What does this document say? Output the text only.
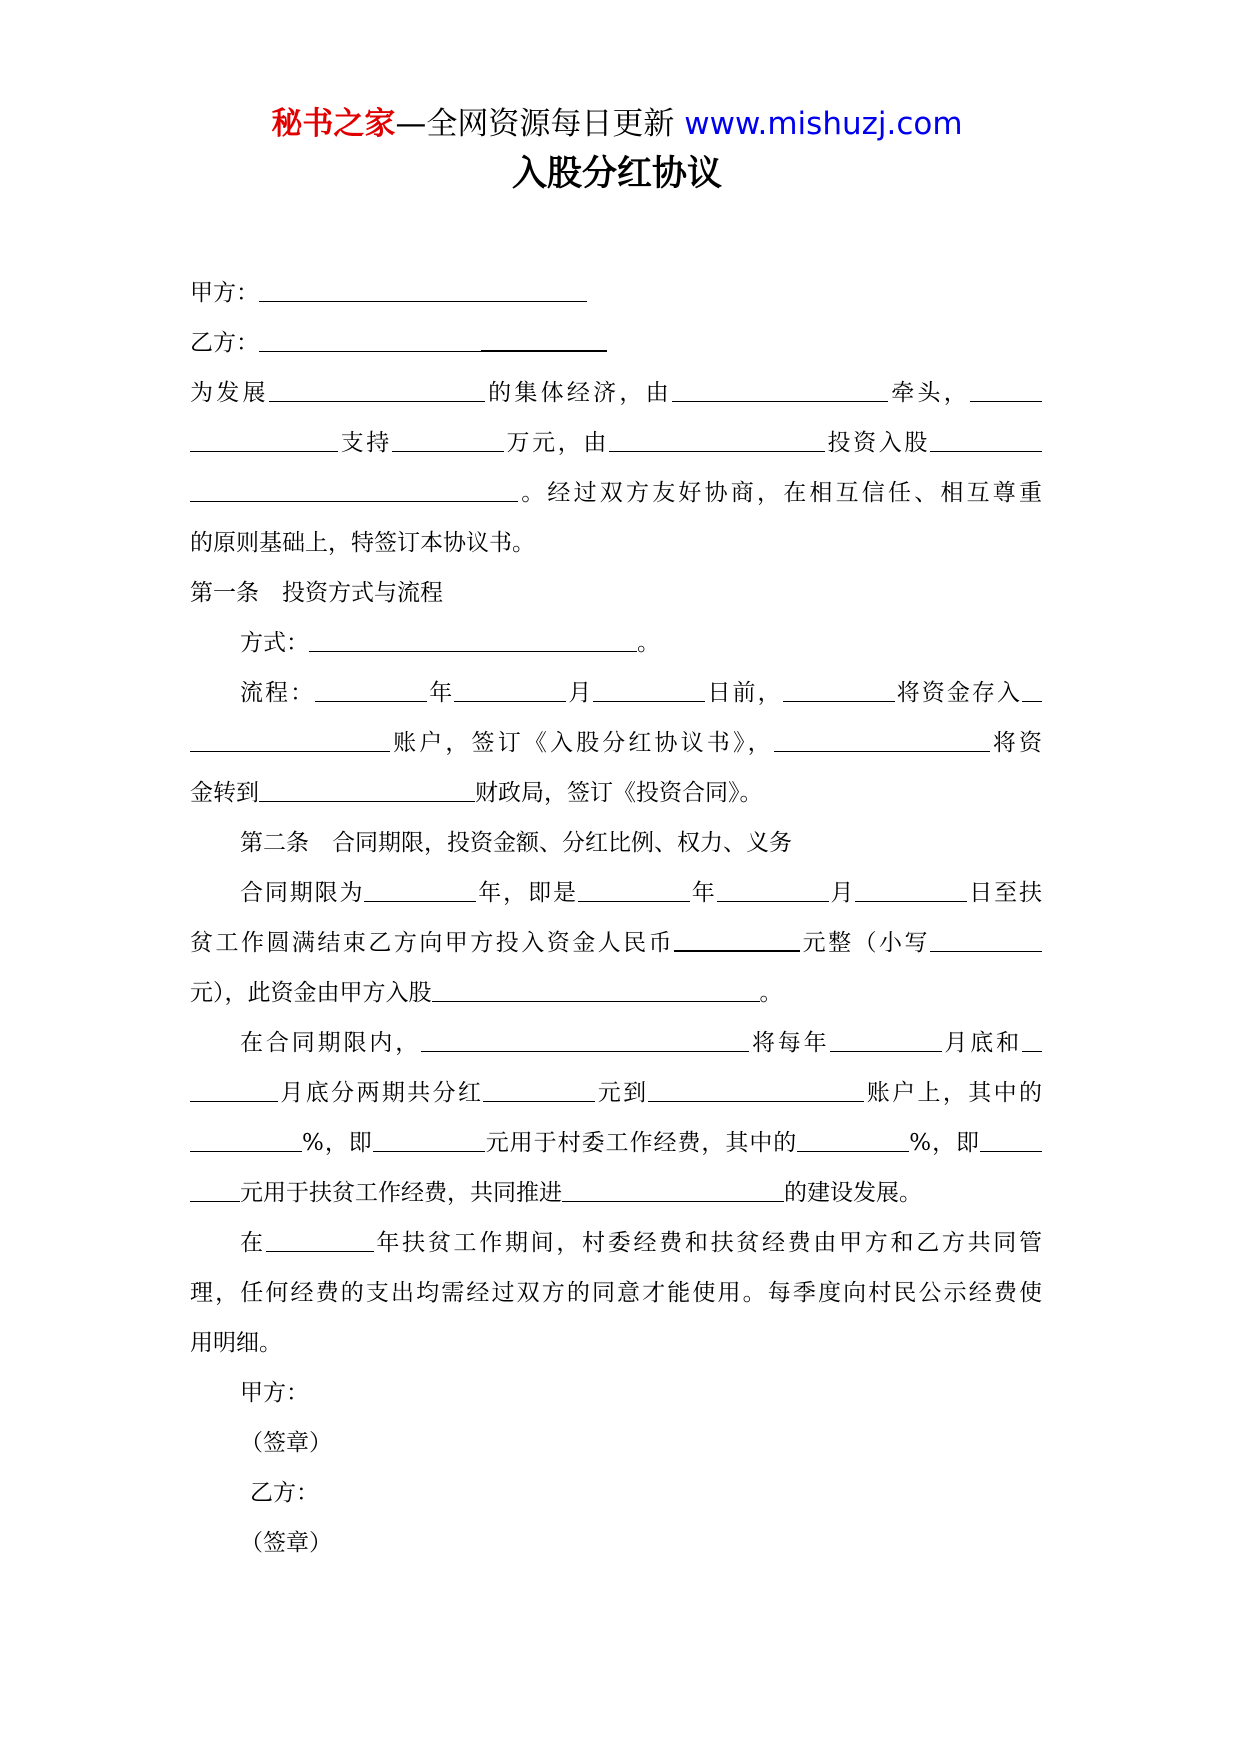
秘书之家—全网资源每日更新 www.mishuzj.com
入股分红协议
甲方：
乙方：
为发展	的集体经济，由	牵头，
支持	万元，由	投资入股
。经过双方友好协商，在相互信任、相互尊重
的原则基础上，特签订本协议书。
第一条　投资方式与流程
方式：	。
流程：	年	月	日前，	将资金存入
账户，签订《入股分红协议书》，	将资
金转到	财政局，签订《投资合同》。
第二条　合同期限，投资金额、分红比例、权力、义务
合同期限为	年，即是	年	月	日至扶
贫工作圆满结束乙方向甲方投入资金人民币	元整（小写
元），此资金由甲方入股	。
在合同期限内，	将每年	月底和
月底分两期共分红	元到	账户上，其中的
%，即	元用于村委工作经费，其中的	%，即
元用于扶贫工作经费，共同推进	的建设发展。
在	年扶贫工作期间，村委经费和扶贫经费由甲方和乙方共同管
理，任何经费的支出均需经过双方的同意才能使用。每季度向村民公示经费使
用明细。
甲方：
（签章）
乙方：
（签章）
